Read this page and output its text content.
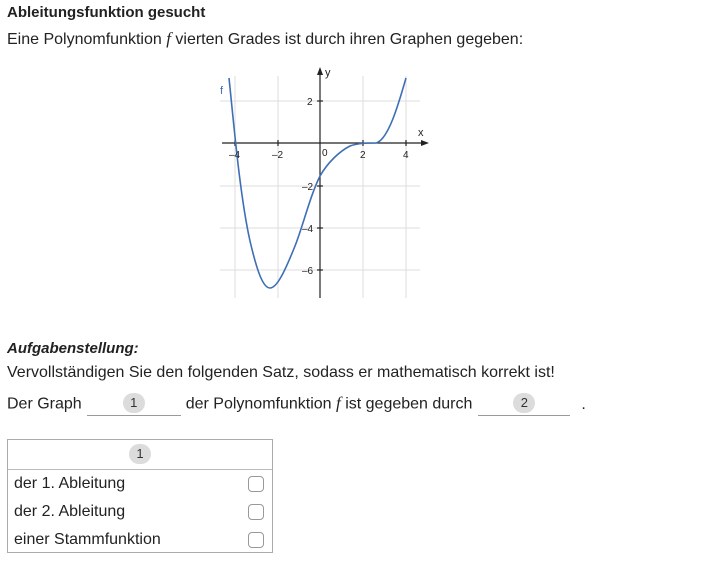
Ableitungsfunktion gesucht
Eine Polynomfunktion f vierten Grades ist durch ihren Graphen gegeben:
f
x
y
–4	–2	0	2	4
2
–2
–4
–6
Aufgabenstellung:
Vervollständigen Sie den folgenden Satz, sodass er mathematisch korrekt ist!
Der Graph	1	der Polynomfunktion f ist gegeben durch	2	.
1
der 1. Ableitung
der 2. Ableitung
einer Stammfunktion
